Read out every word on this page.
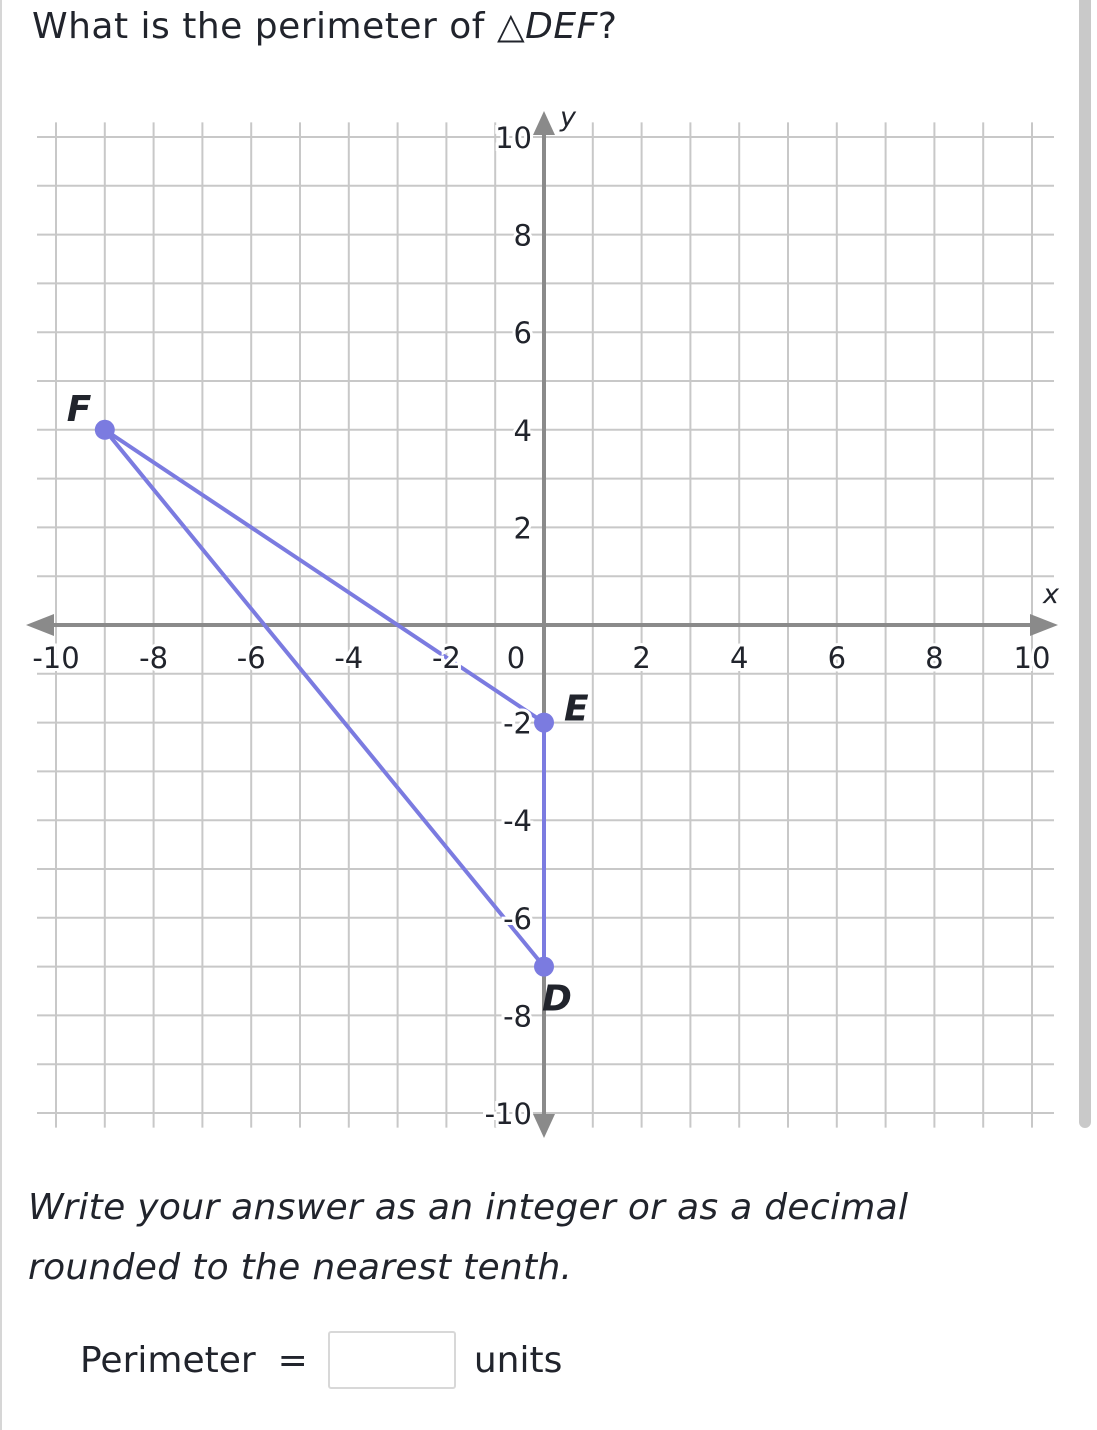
What is the perimeter of △DEF?
x
y
-10 -8 -6 -4 -2 0	2	4	6	8 10
-10
-8
-6
-4
-2
2
4
6
8
10
D
E
F

Write your answer as an integer or as a decimal
rounded to the nearest tenth.

Perimeter =	units
